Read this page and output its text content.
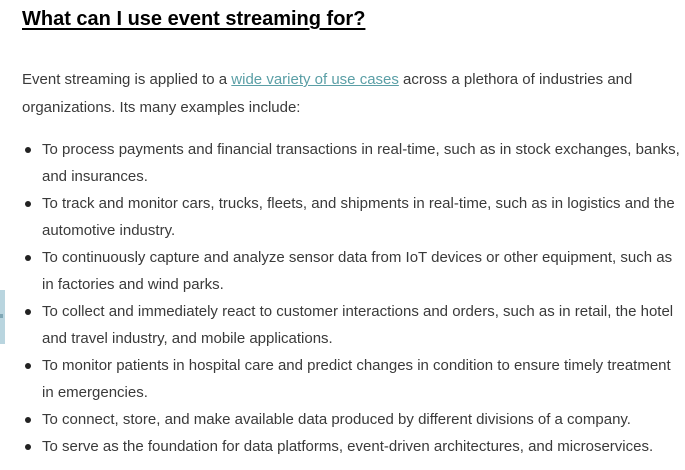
What can I use event streaming for?

Event streaming is applied to a wide variety of use cases across a plethora of industries and organizations. Its many examples include:

To process payments and financial transactions in real-time, such as in stock exchanges, banks, and insurances.
To track and monitor cars, trucks, fleets, and shipments in real-time, such as in logistics and the automotive industry.
To continuously capture and analyze sensor data from IoT devices or other equipment, such as in factories and wind parks.
To collect and immediately react to customer interactions and orders, such as in retail, the hotel and travel industry, and mobile applications.
To monitor patients in hospital care and predict changes in condition to ensure timely treatment in emergencies.
To connect, store, and make available data produced by different divisions of a company.
To serve as the foundation for data platforms, event-driven architectures, and microservices.
